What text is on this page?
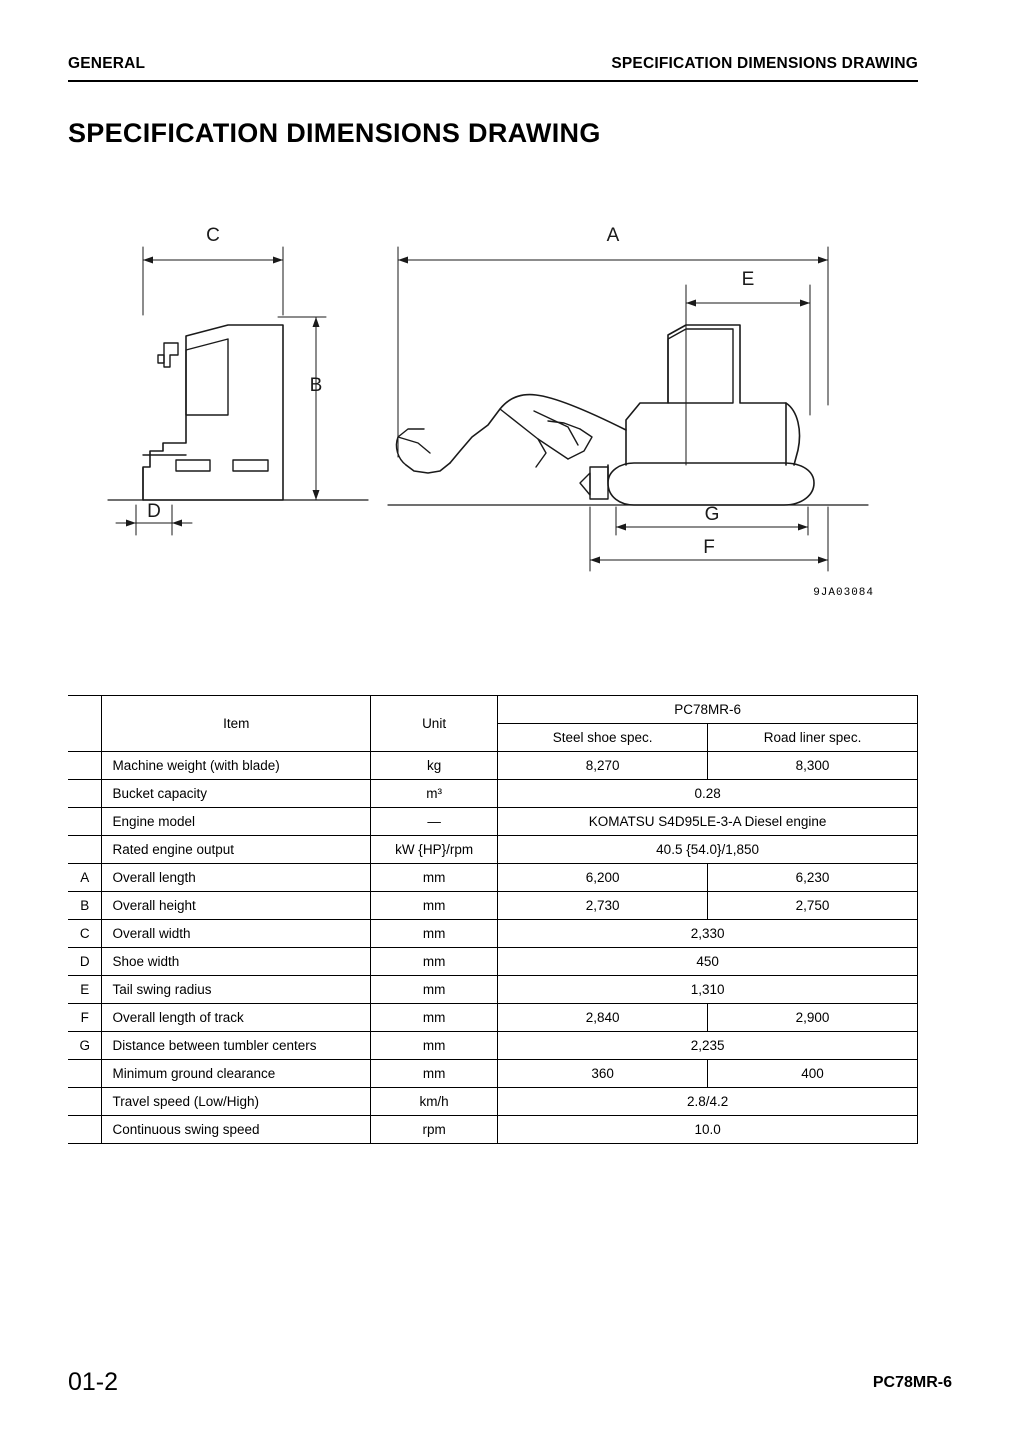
GENERAL	SPECIFICATION DIMENSIONS DRAWING
SPECIFICATION DIMENSIONS DRAWING
C	A
E
B
D	G
F
9JA03084
	Item	Unit	PC78MR-6	
			Steel shoe spec.	Road liner spec.
	Machine weight (with blade)	kg	8,270	8,300
	Bucket capacity	m³	0.28	
	Engine model	—	KOMATSU S4D95LE-3-A Diesel engine	
	Rated engine output	kW {HP}/rpm	40.5 {54.0}/1,850	
A	Overall length	mm	6,200	6,230
B	Overall height	mm	2,730	2,750
C	Overall width	mm	2,330	
D	Shoe width	mm	450	
E	Tail swing radius	mm	1,310	
F	Overall length of track	mm	2,840	2,900
G	Distance between tumbler centers	mm	2,235	
	Minimum ground clearance	mm	360	400
	Travel speed (Low/High)	km/h	2.8/4.2	
	Continuous swing speed	rpm	10.0	
01-2	PC78MR-6
